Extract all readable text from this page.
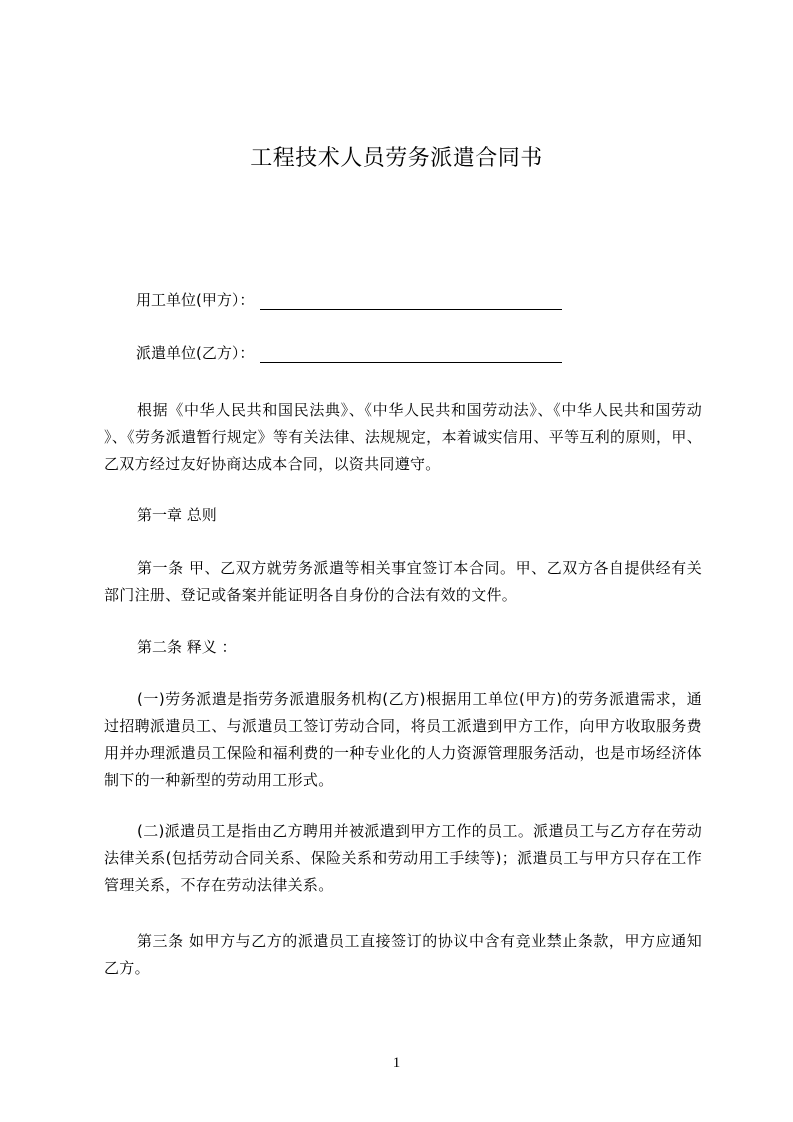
工程技术人员劳务派遣合同书
用工单位(甲方）：
派遣单位(乙方）：

根据《中华人民共和国民法典》、《中华人民共和国劳动法》、《中华人民共和国劳动 》、《劳务派遣暂行规定》等有关法律、法规规定，本着诚实信用、平等互利的原则，甲、乙双方经过友好协商达成本合同，以资共同遵守。

第一章 总则

第一条 甲、乙双方就劳务派遣等相关事宜签订本合同。甲、乙双方各自提供经有关部门注册、登记或备案并能证明各自身份的合法有效的文件。

第二条 释义 ：

(一)劳务派遣是指劳务派遣服务机构(乙方)根据用工单位(甲方)的劳务派遣需求，通过招聘派遣员工、与派遣员工签订劳动合同，将员工派遣到甲方工作，向甲方收取服务费用并办理派遣员工保险和福利费的一种专业化的人力资源管理服务活动，也是市场经济体制下的一种新型的劳动用工形式。

(二)派遣员工是指由乙方聘用并被派遣到甲方工作的员工。派遣员工与乙方存在劳动法律关系(包括劳动合同关系、保险关系和劳动用工手续等)；派遣员工与甲方只存在工作管理关系，不存在劳动法律关系。

第三条 如甲方与乙方的派遣员工直接签订的协议中含有竞业禁止条款，甲方应通知乙方。

1
